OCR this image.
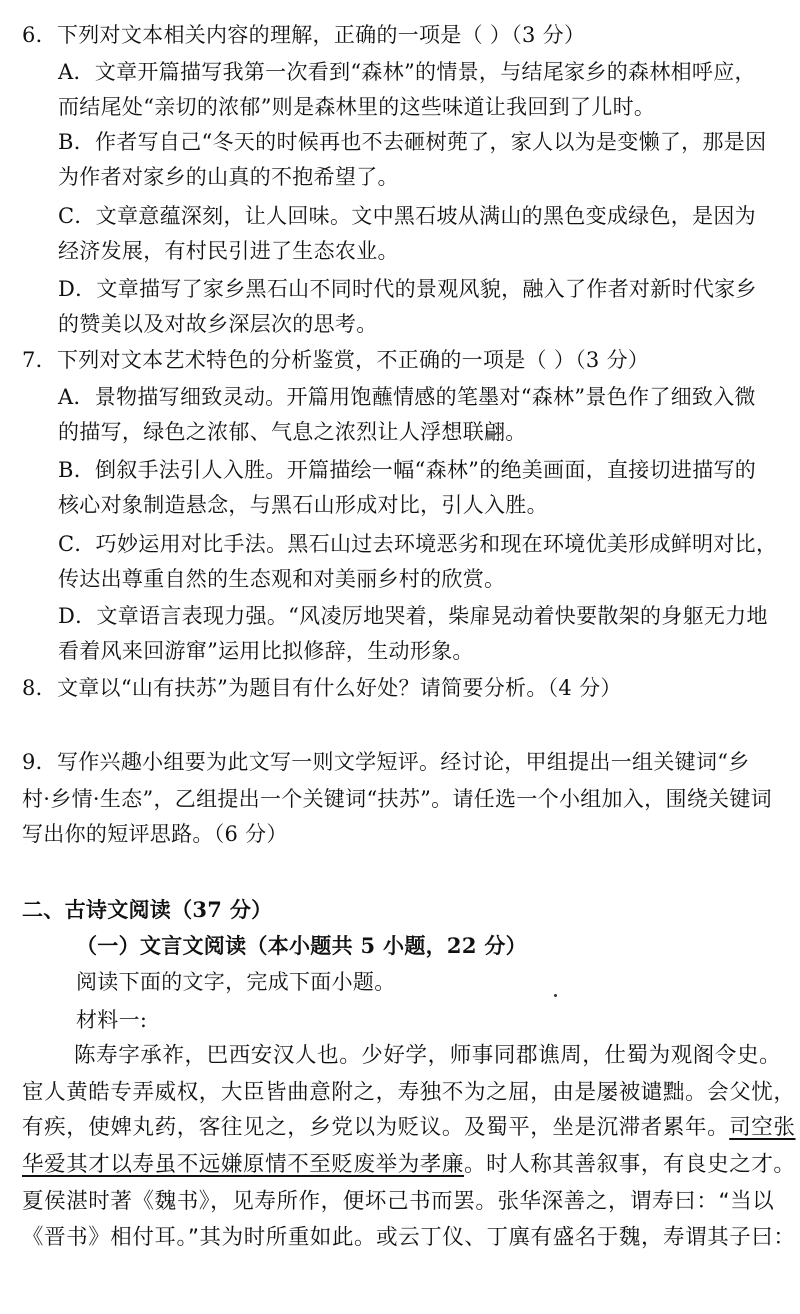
6．下列对文本相关内容的理解，正确的一项是（ ）（3 分）
A．文章开篇描写我第一次看到“森林”的情景，与结尾家乡的森林相呼应，
而结尾处“亲切的浓郁”则是森林里的这些味道让我回到了儿时。
B．作者写自己“冬天的时候再也不去砸树蔸了，家人以为是变懒了，那是因
为作者对家乡的山真的不抱希望了。
C．文章意蕴深刻，让人回味。文中黑石坡从满山的黑色变成绿色，是因为
经济发展，有村民引进了生态农业。
D．文章描写了家乡黑石山不同时代的景观风貌，融入了作者对新时代家乡
的赞美以及对故乡深层次的思考。
7．下列对文本艺术特色的分析鉴赏，不正确的一项是（ ）（3 分）
A．景物描写细致灵动。开篇用饱蘸情感的笔墨对“森林”景色作了细致入微
的描写，绿色之浓郁、气息之浓烈让人浮想联翩。
B．倒叙手法引人入胜。开篇描绘一幅“森林”的绝美画面，直接切进描写的
核心对象制造悬念，与黑石山形成对比，引人入胜。
C．巧妙运用对比手法。黑石山过去环境恶劣和现在环境优美形成鲜明对比，
传达出尊重自然的生态观和对美丽乡村的欣赏。
D．文章语言表现力强。“风凌厉地哭着，柴扉晃动着快要散架的身躯无力地
看着风来回游窜”运用比拟修辞，生动形象。
8．文章以“山有扶苏”为题目有什么好处？请简要分析。（4 分）
9．写作兴趣小组要为此文写一则文学短评。经讨论，甲组提出一组关键词“乡
村·乡情·生态”，乙组提出一个关键词“扶苏”。请任选一个小组加入，围绕关键词
写出你的短评思路。（6 分）
二、古诗文阅读（37 分）
（一）文言文阅读（本小题共 5 小题，22 分）
阅读下面的文字，完成下面小题。
材料一:
陈寿字承祚，巴西安汉人也。少好学，师事同郡谯周，仕蜀为观阁令史。
宦人黄皓专弄威权，大臣皆曲意附之，寿独不为之屈，由是屡被谴黜。会父忧，
有疾，使婢丸药，客往见之，乡党以为贬议。及蜀平，坐是沉滞者累年。司空张
华爱其才以寿虽不远嫌原情不至贬废举为孝廉。时人称其善叙事，有良史之才。
夏侯湛时著《魏书》，见寿所作，便坏己书而罢。张华深善之，谓寿曰：“当以
《晋书》相付耳。”其为时所重如此。或云丁仪、丁廙有盛名于魏，寿谓其子曰：
